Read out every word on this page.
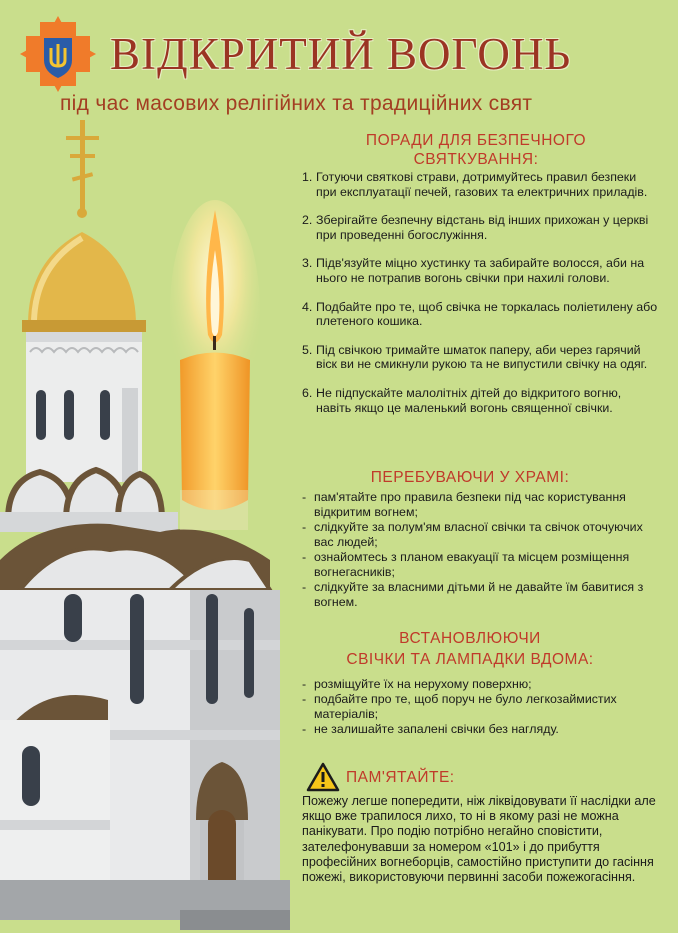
ВІДКРИТИЙ ВОГОНЬ
під час масових релігійних та традиційних свят
ПОРАДИ ДЛЯ БЕЗПЕЧНОГО СВЯТКУВАННЯ:
1. Готуючи святкові страви, дотримуйтесь правил безпеки при експлуатації печей, газових та електричних приладів.
2. Зберігайте безпечну відстань від інших прихожан у церкві при проведенні богослужіння.
3. Підв'язуйте міцно хустинку та забирайте волосся, аби на нього не потрапив вогонь свічки при нахилі голови.
4. Подбайте про те, щоб свічка не торкалась поліетилену або плетеного кошика.
5. Під свічкою тримайте шматок паперу, аби через гарячий віск ви не смикнули рукою та не випустили свічку на одяг.
6. Не підпускайте малолітніх дітей до відкритого вогню, навіть якщо це маленький вогонь священної свічки.
ПЕРЕБУВАЮЧИ У ХРАМІ:
- пам'ятайте про правила безпеки під час користування відкритим вогнем;
- слідкуйте за полум'ям власної свічки та свічок оточуючих вас людей;
- ознайомтесь з планом евакуації та місцем розміщення вогнегасників;
- слідкуйте за власними дітьми й не давайте їм бавитися з вогнем.
ВСТАНОВЛЮЮЧИ
СВІЧКИ ТА ЛАМПАДКИ ВДОМА:
- розміщуйте їх на нерухому поверхню;
- подбайте про те, щоб поруч не було легкозаймистих матеріалів;
- не залишайте запалені свічки без нагляду.
ПАМ'ЯТАЙТЕ:
Пожежу легше попередити, ніж ліквідовувати її наслідки але якщо вже трапилося лихо, то ні в якому разі не можна панікувати. Про подію потрібно негайно сповістити, зателефонувавши за номером «101» і до прибуття професійних вогнеборців, самостійно приступити до гасіння пожежі, використовуючи первинні засоби пожежогасіння.
